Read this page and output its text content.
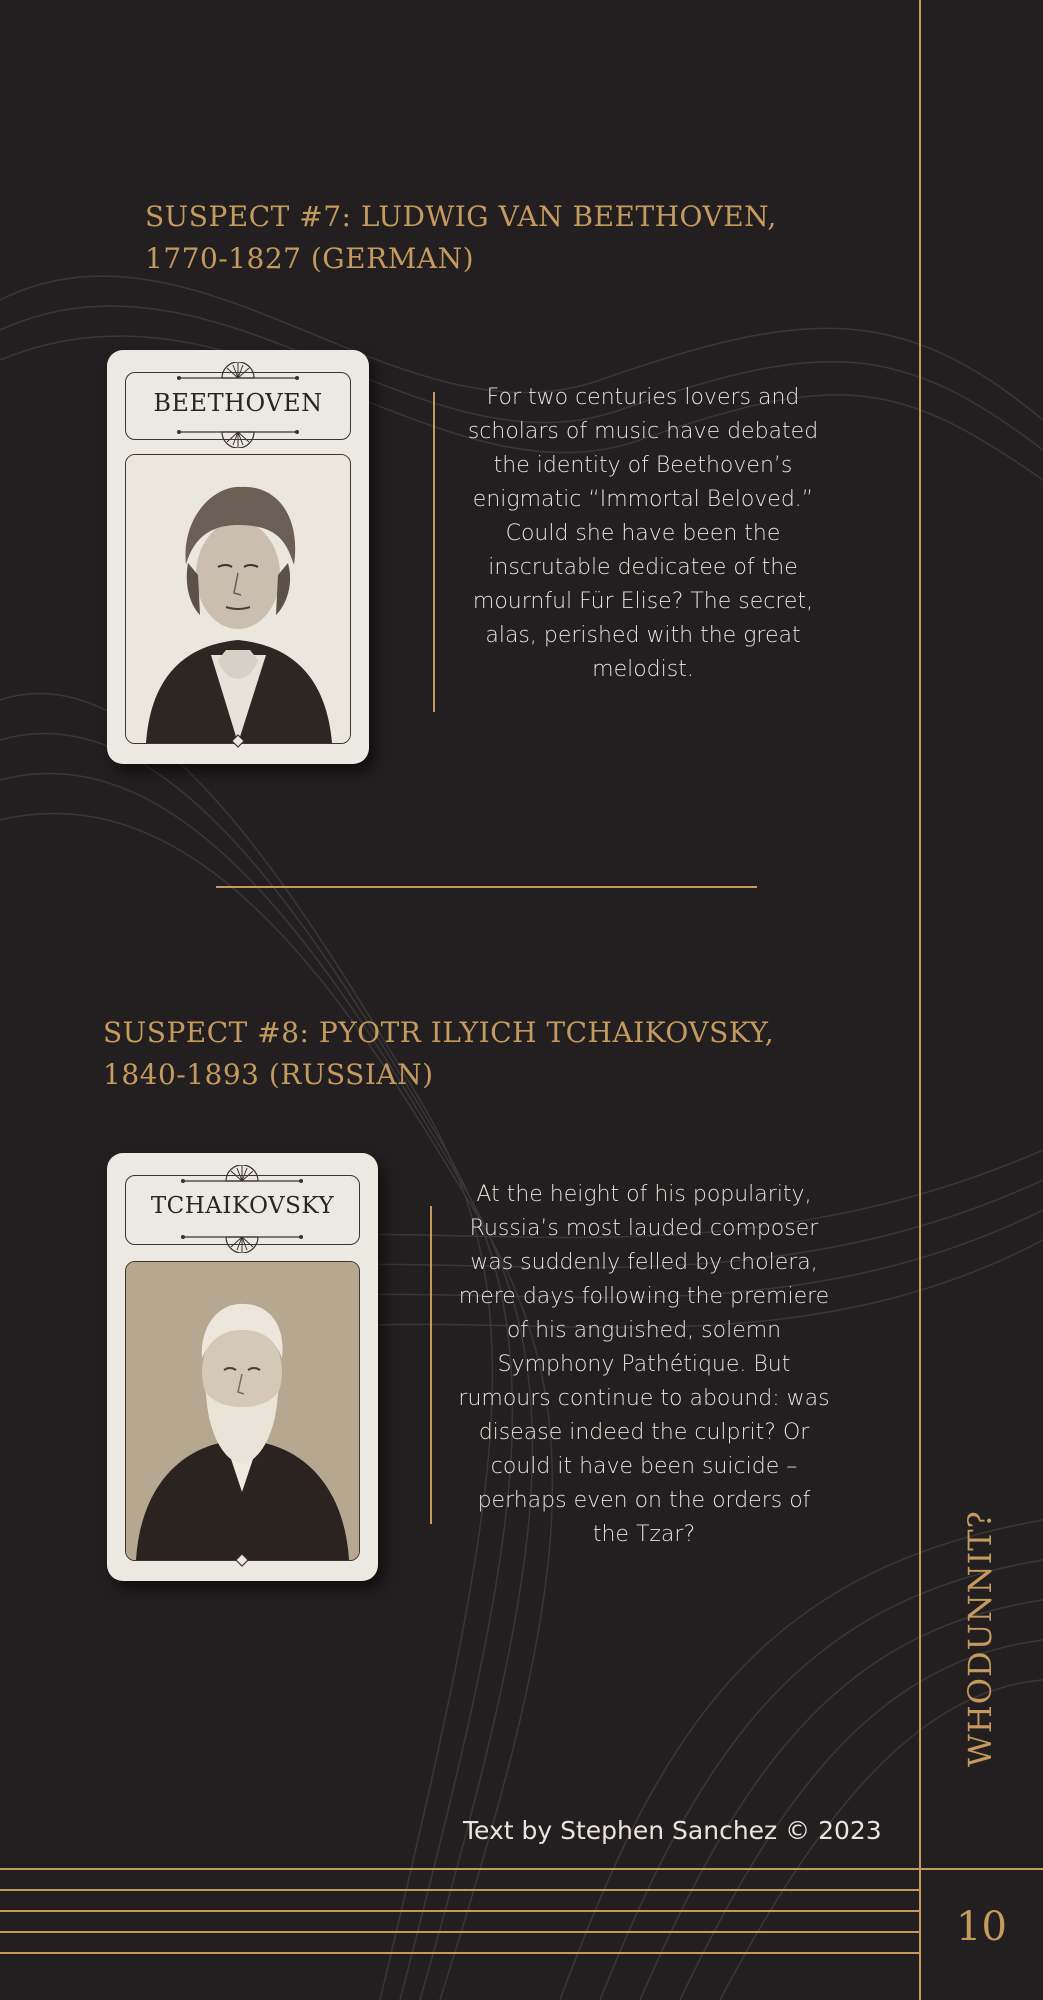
SUSPECT #7: LUDWIG VAN BEETHOVEN,
1770-1827 (GERMAN)
BEETHOVEN	For two centuries lovers and scholars of music have debated the identity of Beethoven’s enigmatic “Immortal Beloved.” Could she have been the inscrutable dedicatee of the mournful Für Elise? The secret, alas, perished with the great melodist.

SUSPECT #8: PYOTR ILYICH TCHAIKOVSKY,
1840-1893 (RUSSIAN)
TCHAIKOVSKY	At the height of his popularity, Russia’s most lauded composer was suddenly felled by cholera, mere days following the premiere of his anguished, solemn Symphony Pathétique. But rumours continue to abound: was disease indeed the culprit? Or could it have been suicide – perhaps even on the orders of the Tzar?

Text by Stephen Sanchez © 2023
WHODUNNIT?
10
